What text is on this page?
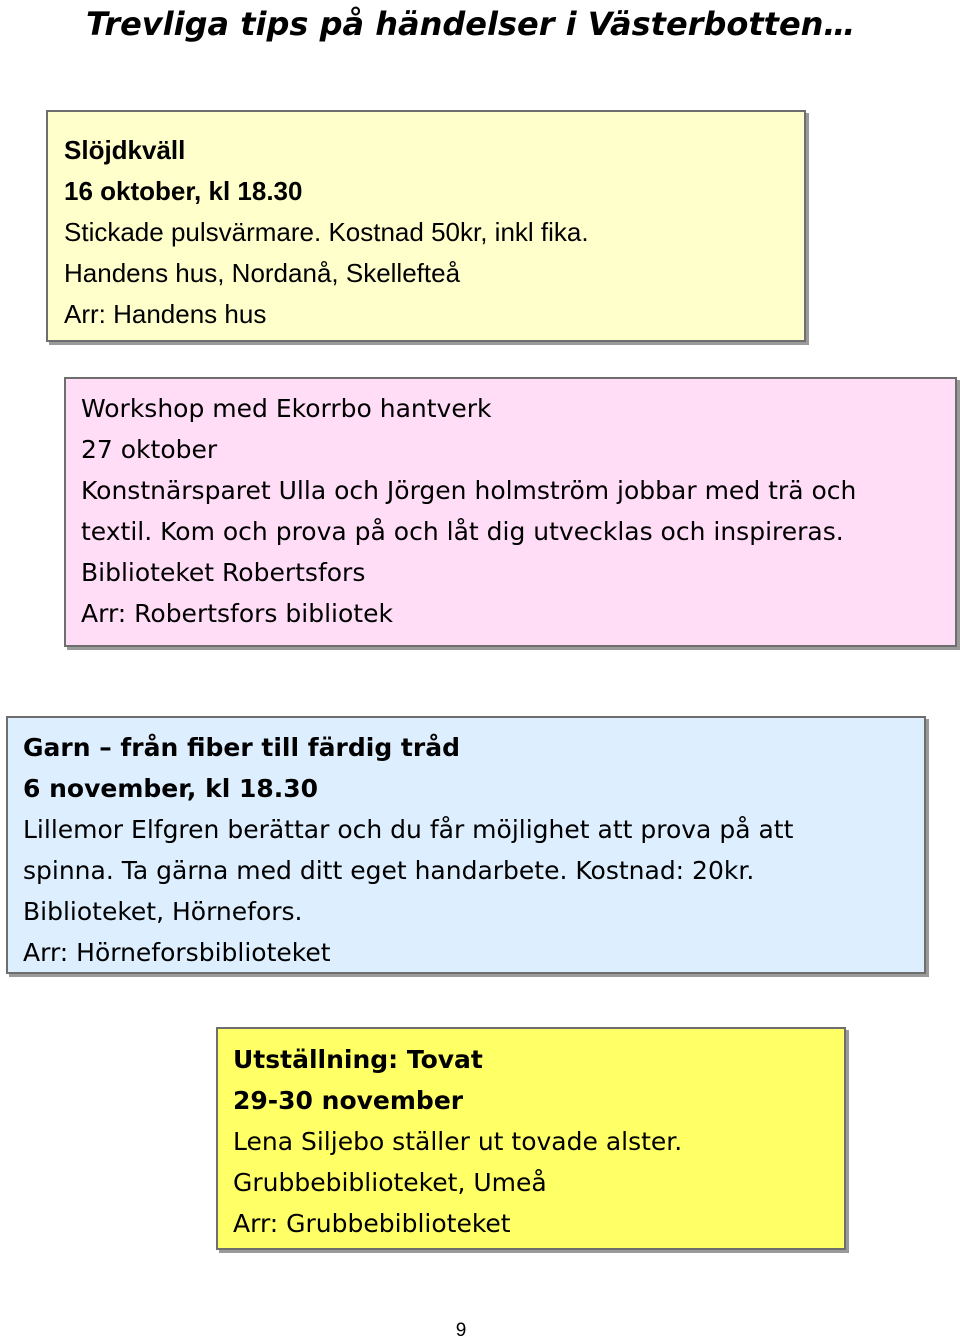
Trevliga tips på händelser i Västerbotten…
Slöjdkväll
16 oktober, kl 18.30
Stickade pulsvärmare. Kostnad 50kr, inkl fika.
Handens hus, Nordanå, Skellefteå
Arr: Handens hus
Workshop med Ekorrbo hantverk
27 oktober
Konstnärsparet Ulla och Jörgen holmström jobbar med trä och
textil. Kom och prova på och låt dig utvecklas och inspireras.
Biblioteket Robertsfors
Arr: Robertsfors bibliotek
Garn – från fiber till färdig tråd
6 november, kl 18.30
Lillemor Elfgren berättar och du får möjlighet att prova på att
spinna. Ta gärna med ditt eget handarbete. Kostnad: 20kr.
Biblioteket, Hörnefors.
Arr: Hörneforsbiblioteket
Utställning: Tovat
29-30 november
Lena Siljebo ställer ut tovade alster.
Grubbebiblioteket, Umeå
Arr: Grubbebiblioteket
9
